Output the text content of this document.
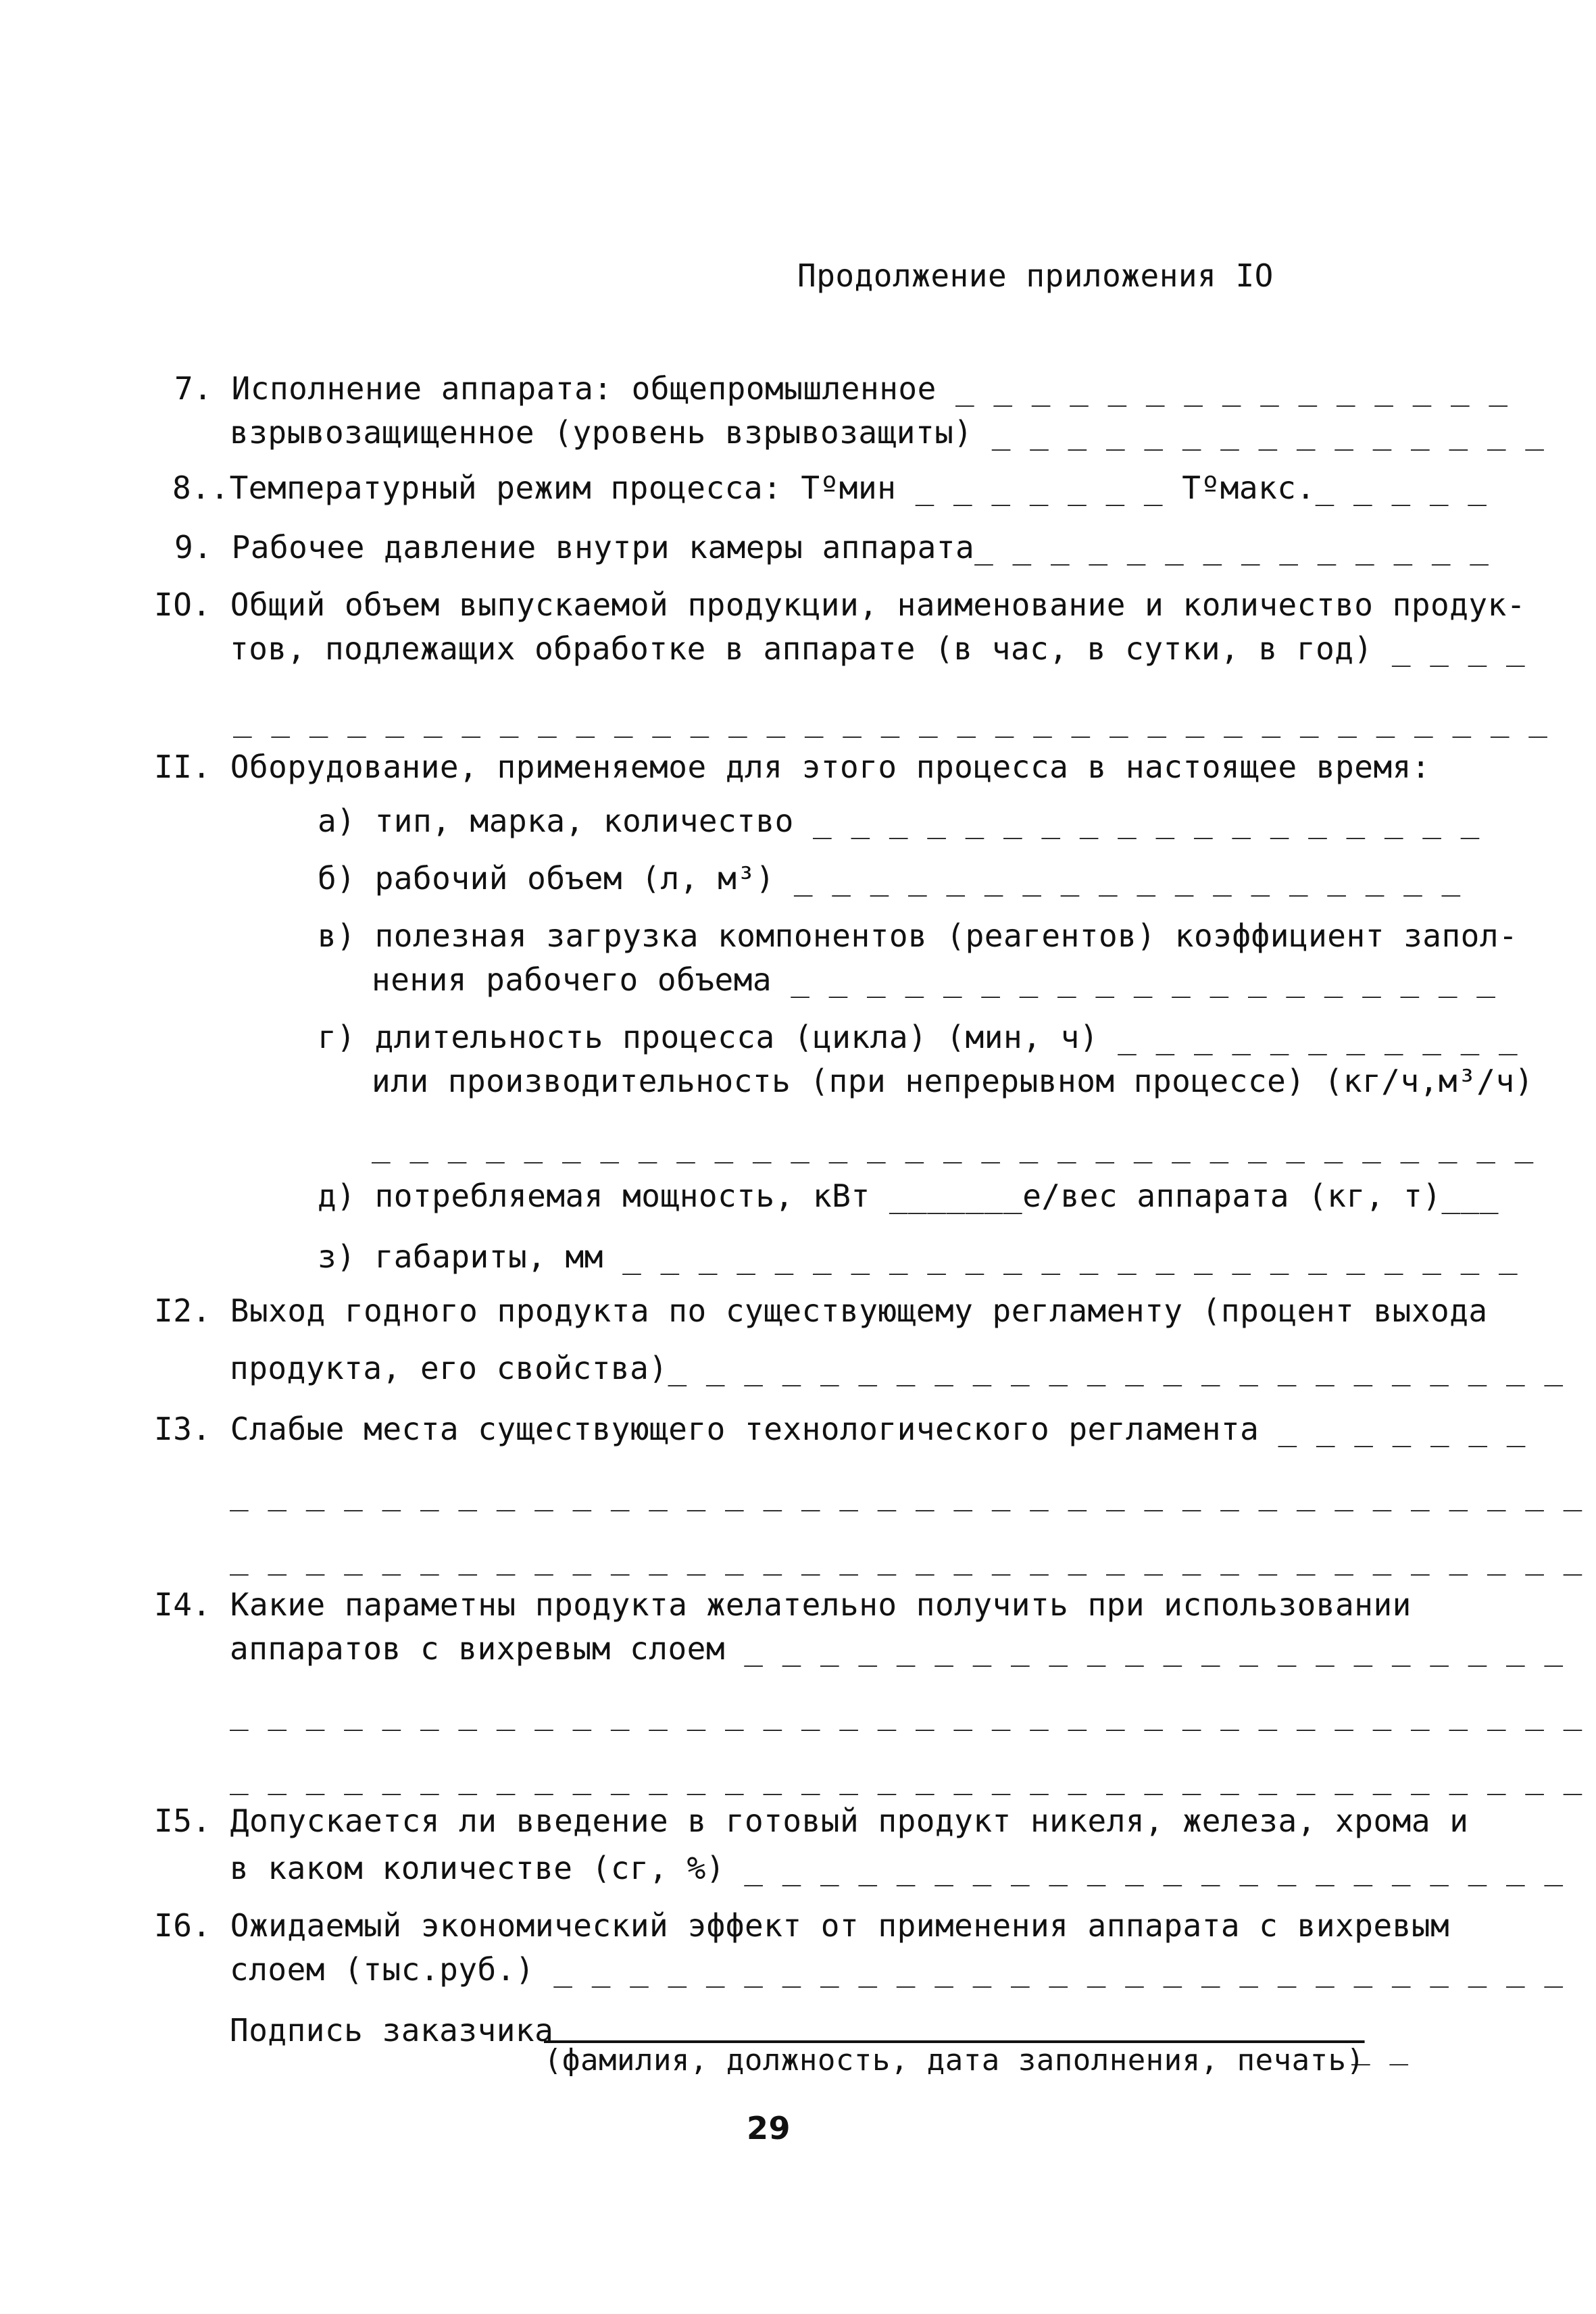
Продолжение приложения IO
7. Исполнение аппарата: общепромышленное _ _ _ _ _ _ _ _ _ _ _ _ _ _ _
взрывозащищенное (уровень взрывозащиты) _ _ _ _ _ _ _ _ _ _ _ _ _ _ _
8..Температурный режим процесса: Tºмин _ _ _ _ _ _ _ Tºмакс._ _ _ _ _
9. Рабочее давление внутри камеры аппарата_ _ _ _ _ _ _ _ _ _ _ _ _ _
IO. Общий объем выпускаемой продукции, наименование и количество продук-
тов, подлежащих обработке в аппарате (в час, в сутки, в год) _ _ _ _
_ _ _ _ _ _ _ _ _ _ _ _ _ _ _ _ _ _ _ _ _ _ _ _ _ _ _ _ _ _ _ _ _ _ _
II. Оборудование, применяемое для этого процесса в настоящее время:
а) тип, марка, количество _ _ _ _ _ _ _ _ _ _ _ _ _ _ _ _ _ _
б) рабочий объем (л, м³) _ _ _ _ _ _ _ _ _ _ _ _ _ _ _ _ _ _
в) полезная загрузка компонентов (реагентов) коэффициент запол-
нения рабочего объема _ _ _ _ _ _ _ _ _ _ _ _ _ _ _ _ _ _ _
г) длительность процесса (цикла) (мин, ч) _ _ _ _ _ _ _ _ _ _ _
или производительность (при непрерывном процессе) (кг/ч,м³/ч)
_ _ _ _ _ _ _ _ _ _ _ _ _ _ _ _ _ _ _ _ _ _ _ _ _ _ _ _ _ _ _
д) потребляемая мощность, кВт _______е/вес аппарата (кг, т)___
з) габариты, мм _ _ _ _ _ _ _ _ _ _ _ _ _ _ _ _ _ _ _ _ _ _ _ _
I2. Выход годного продукта по существующему регламенту (процент выхода
продукта, его свойства)_ _ _ _ _ _ _ _ _ _ _ _ _ _ _ _ _ _ _ _ _ _ _ _
I3. Слабые места существующего технологического регламента _ _ _ _ _ _ _
_ _ _ _ _ _ _ _ _ _ _ _ _ _ _ _ _ _ _ _ _ _ _ _ _ _ _ _ _ _ _ _ _ _ _ _
_ _ _ _ _ _ _ _ _ _ _ _ _ _ _ _ _ _ _ _ _ _ _ _ _ _ _ _ _ _ _ _ _ _ _ _
I4. Какие параметны продукта желательно получить при использовании
аппаратов с вихревым слоем _ _ _ _ _ _ _ _ _ _ _ _ _ _ _ _ _ _ _ _ _ _
_ _ _ _ _ _ _ _ _ _ _ _ _ _ _ _ _ _ _ _ _ _ _ _ _ _ _ _ _ _ _ _ _ _ _ _
_ _ _ _ _ _ _ _ _ _ _ _ _ _ _ _ _ _ _ _ _ _ _ _ _ _ _ _ _ _ _ _ _ _ _ _
I5. Допускается ли введение в готовый продукт никеля, железа, хрома и
в каком количестве (сг, %) _ _ _ _ _ _ _ _ _ _ _ _ _ _ _ _ _ _ _ _ _ _
I6. Ожидаемый экономический эффект от применения аппарата с вихревым
слоем (тыс.руб.) _ _ _ _ _ _ _ _ _ _ _ _ _ _ _ _ _ _ _ _ _ _ _ _ _ _ _
Подпись заказчика
(фамилия, должность, дата заполнения, печать)
_ _
29
